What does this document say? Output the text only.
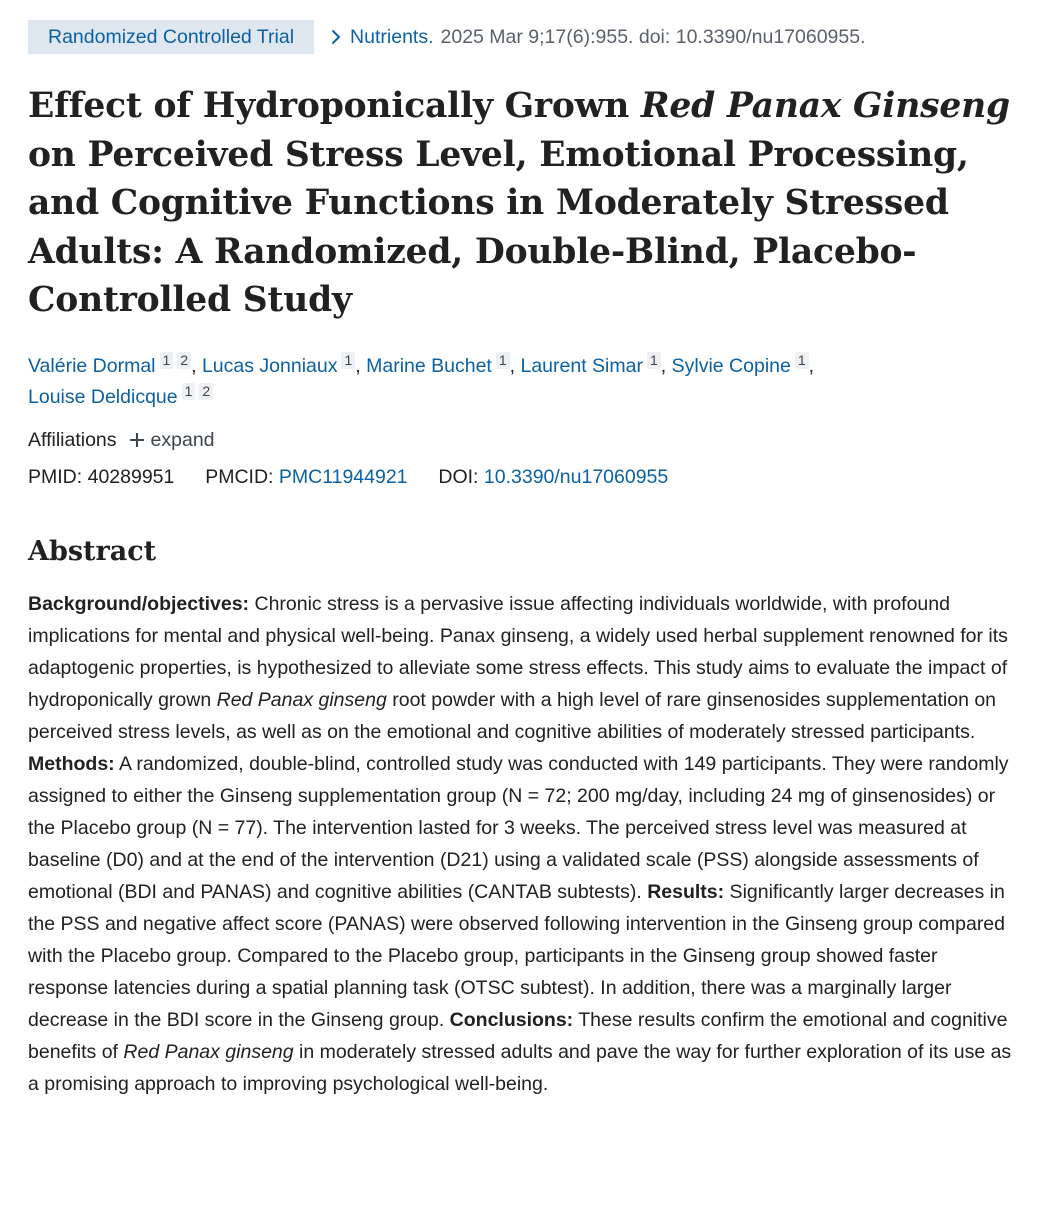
Randomized Controlled Trial	Nutrients. 2025 Mar 9;17(6):955. doi: 10.3390/nu17060955.
Effect of Hydroponically Grown Red Panax Ginseng on Perceived Stress Level, Emotional Processing, and Cognitive Functions in Moderately Stressed Adults: A Randomized, Double-Blind, Placebo-Controlled Study
Valérie Dormal 1 2 , Lucas Jonniaux 1 , Marine Buchet 1 , Laurent Simar 1 , Sylvie Copine 1 ,
Louise Deldicque 1 2
Affiliations expand
PMID: 40289951 PMCID: PMC11944921 DOI: 10.3390/nu17060955
Abstract
Background/objectives: Chronic stress is a pervasive issue affecting individuals worldwide, with profound implications for mental and physical well-being. Panax ginseng, a widely used herbal supplement renowned for its adaptogenic properties, is hypothesized to alleviate some stress effects. This study aims to evaluate the impact of hydroponically grown Red Panax ginseng root powder with a high level of rare ginsenosides supplementation on perceived stress levels, as well as on the emotional and cognitive abilities of moderately stressed participants. Methods: A randomized, double-blind, controlled study was conducted with 149 participants. They were randomly assigned to either the Ginseng supplementation group (N = 72; 200 mg/day, including 24 mg of ginsenosides) or the Placebo group (N = 77). The intervention lasted for 3 weeks. The perceived stress level was measured at baseline (D0) and at the end of the intervention (D21) using a validated scale (PSS) alongside assessments of emotional (BDI and PANAS) and cognitive abilities (CANTAB subtests). Results: Significantly larger decreases in the PSS and negative affect score (PANAS) were observed following intervention in the Ginseng group compared with the Placebo group. Compared to the Placebo group, participants in the Ginseng group showed faster response latencies during a spatial planning task (OTSC subtest). In addition, there was a marginally larger decrease in the BDI score in the Ginseng group. Conclusions: These results confirm the emotional and cognitive benefits of Red Panax ginseng in moderately stressed adults and pave the way for further exploration of its use as a promising approach to improving psychological well-being.
